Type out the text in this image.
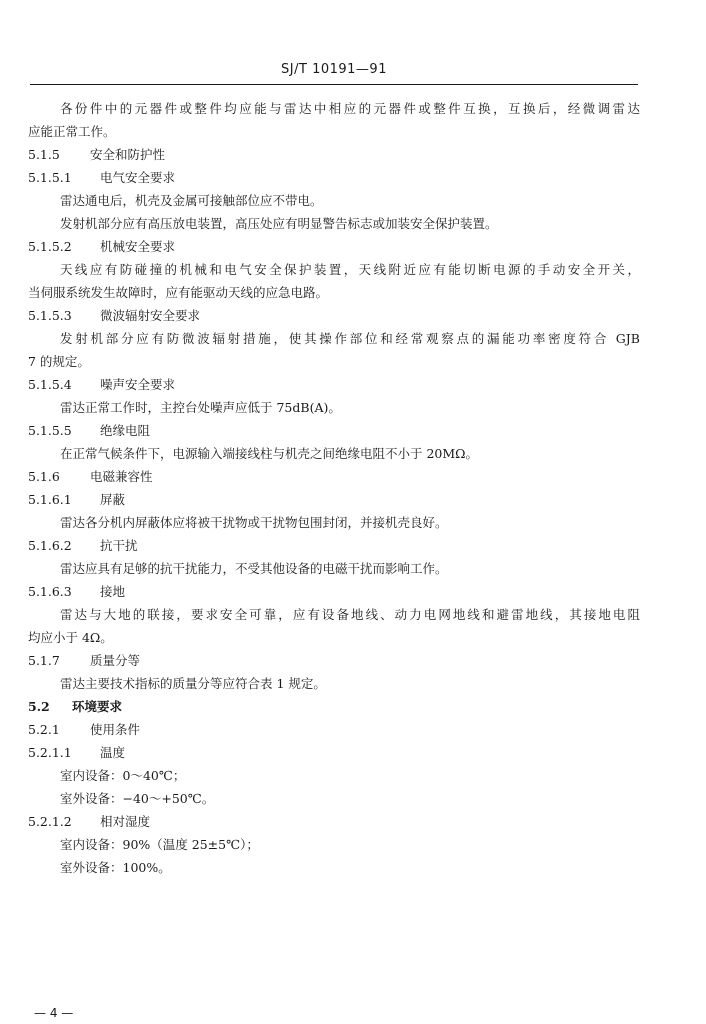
SJ/T 10191—91
各份件中的元器件或整件均应能与雷达中相应的元器件或整件互换，互换后，经微调雷达
应能正常工作。
5.1.5 安全和防护性
5.1.5.1 电气安全要求
雷达通电后，机壳及金属可接触部位应不带电。
发射机部分应有高压放电装置，高压处应有明显警告标志或加装安全保护装置。
5.1.5.2 机械安全要求
天线应有防碰撞的机械和电气安全保护装置，天线附近应有能切断电源的手动安全开关，
当伺服系统发生故障时，应有能驱动天线的应急电路。
5.1.5.3 微波辐射安全要求
发射机部分应有防微波辐射措施，使其操作部位和经常观察点的漏能功率密度符合 GJB
7 的规定。
5.1.5.4 噪声安全要求
雷达正常工作时，主控台处噪声应低于 75dB(A)。
5.1.5.5 绝缘电阻
在正常气候条件下，电源输入端接线柱与机壳之间绝缘电阻不小于 20MΩ。
5.1.6 电磁兼容性
5.1.6.1 屏蔽
雷达各分机内屏蔽体应将被干扰物或干扰物包围封闭，并接机壳良好。
5.1.6.2 抗干扰
雷达应具有足够的抗干扰能力，不受其他设备的电磁干扰而影响工作。
5.1.6.3 接地
雷达与大地的联接，要求安全可靠，应有设备地线、动力电网地线和避雷地线，其接地电阻
均应小于 4Ω。
5.1.7 质量分等
雷达主要技术指标的质量分等应符合表 1 规定。
5.2 环境要求
5.2.1 使用条件
5.2.1.1 温度
室内设备：0～40℃；
室外设备：−40～+50℃。
5.2.1.2 相对湿度
室内设备：90%（温度 25±5℃）；
室外设备：100%。
— 4 —
